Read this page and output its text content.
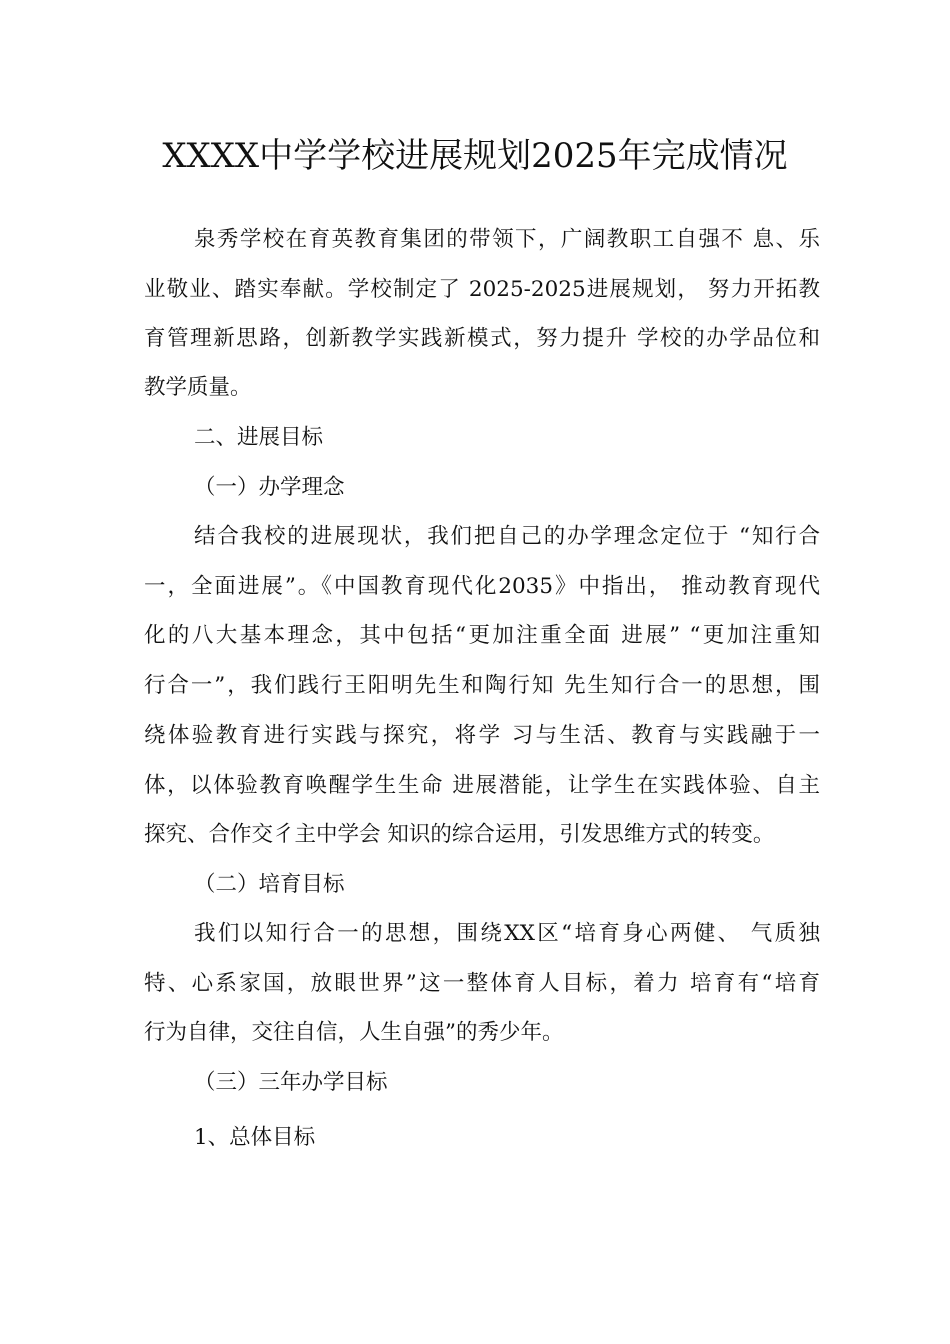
XXXX中学学校进展规划2025年完成情况

泉秀学校在育英教育集团的带领下，广阔教职工自强不 息、乐

业敬业、踏实奉献。学校制定了 2025-2025进展规划， 努力开拓教

育管理新思路，创新教学实践新模式，努力提升 学校的办学品位和

教学质量。

二、进展目标

（一）办学理念

结合我校的进展现状，我们把自己的办学理念定位于 “知行合

一，全面进展”。《中国教育现代化2035》中指出， 推动教育现代

化的八大基本理念，其中包括“更加注重全面 进展” “更加注重知

行合一”，我们践行王阳明先生和陶行知 先生知行合一的思想，围

绕体验教育进行实践与探究，将学 习与生活、教育与实践融于一

体，以体验教育唤醒学生生命 进展潜能，让学生在实践体验、自主

探究、合作交彳主中学会 知识的综合运用，引发思维方式的转变。

（二）培育目标

我们以知行合一的思想，围绕XX区“培育身心两健、 气质独

特、心系家国，放眼世界”这一整体育人目标，着力 培育有“培育

行为自律，交往自信，人生自强”的秀少年。

（三）三年办学目标

1、总体目标
